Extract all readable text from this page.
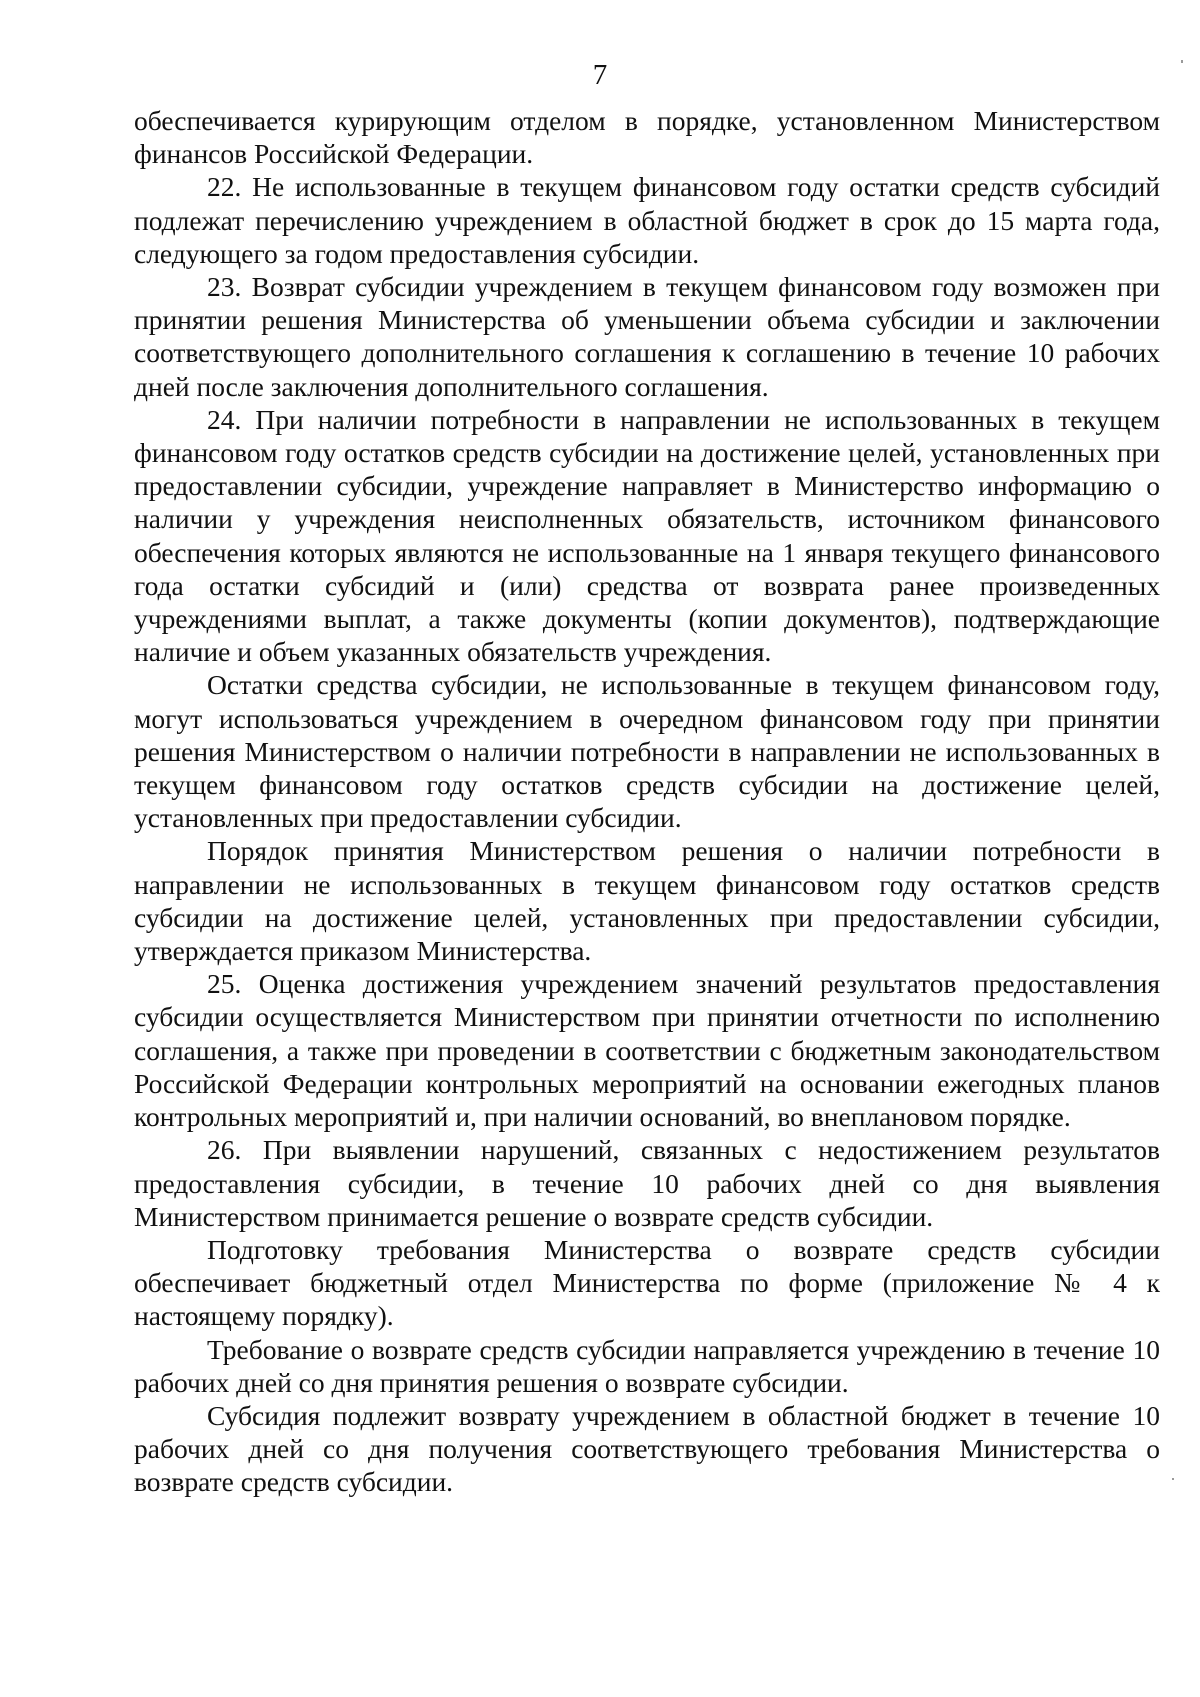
7

обеспечивается курирующим отделом в порядке, установленном Министерством финансов Российской Федерации.

22. Не использованные в текущем финансовом году остатки средств субсидий подлежат перечислению учреждением в областной бюджет в срок до 15 марта года, следующего за годом предоставления субсидии.

23. Возврат субсидии учреждением в текущем финансовом году возможен при принятии решения Министерства об уменьшении объема субсидии и заключении соответствующего дополнительного соглашения к соглашению в течение 10 рабочих дней после заключения дополнительного соглашения.

24. При наличии потребности в направлении не использованных в текущем финансовом году остатков средств субсидии на достижение целей, установленных при предоставлении субсидии, учреждение направляет в Министерство информацию о наличии у учреждения неисполненных обязательств, источником финансового обеспечения которых являются не использованные на 1 января текущего финансового года остатки субсидий и (или) средства от возврата ранее произведенных учреждениями выплат, а также документы (копии документов), подтверждающие наличие и объем указанных обязательств учреждения.

Остатки средства субсидии, не использованные в текущем финансовом году, могут использоваться учреждением в очередном финансовом году при принятии решения Министерством о наличии потребности в направлении не использованных в текущем финансовом году остатков средств субсидии на достижение целей, установленных при предоставлении субсидии.

Порядок принятия Министерством решения о наличии потребности в направлении не использованных в текущем финансовом году остатков средств субсидии на достижение целей, установленных при предоставлении субсидии, утверждается приказом Министерства.

25. Оценка достижения учреждением значений результатов предоставления субсидии осуществляется Министерством при принятии отчетности по исполнению соглашения, а также при проведении в соответствии с бюджетным законодательством Российской Федерации контрольных мероприятий на основании ежегодных планов контрольных мероприятий и, при наличии оснований, во внеплановом порядке.

26. При выявлении нарушений, связанных с недостижением результатов предоставления субсидии, в течение 10 рабочих дней со дня выявления Министерством принимается решение о возврате средств субсидии.

Подготовку требования Министерства о возврате средств субсидии обеспечивает бюджетный отдел Министерства по форме (приложение № 4 к настоящему порядку).

Требование о возврате средств субсидии направляется учреждению в течение 10 рабочих дней со дня принятия решения о возврате субсидии.

Субсидия подлежит возврату учреждением в областной бюджет в течение 10 рабочих дней со дня получения соответствующего требования Министерства о возврате средств субсидии.
